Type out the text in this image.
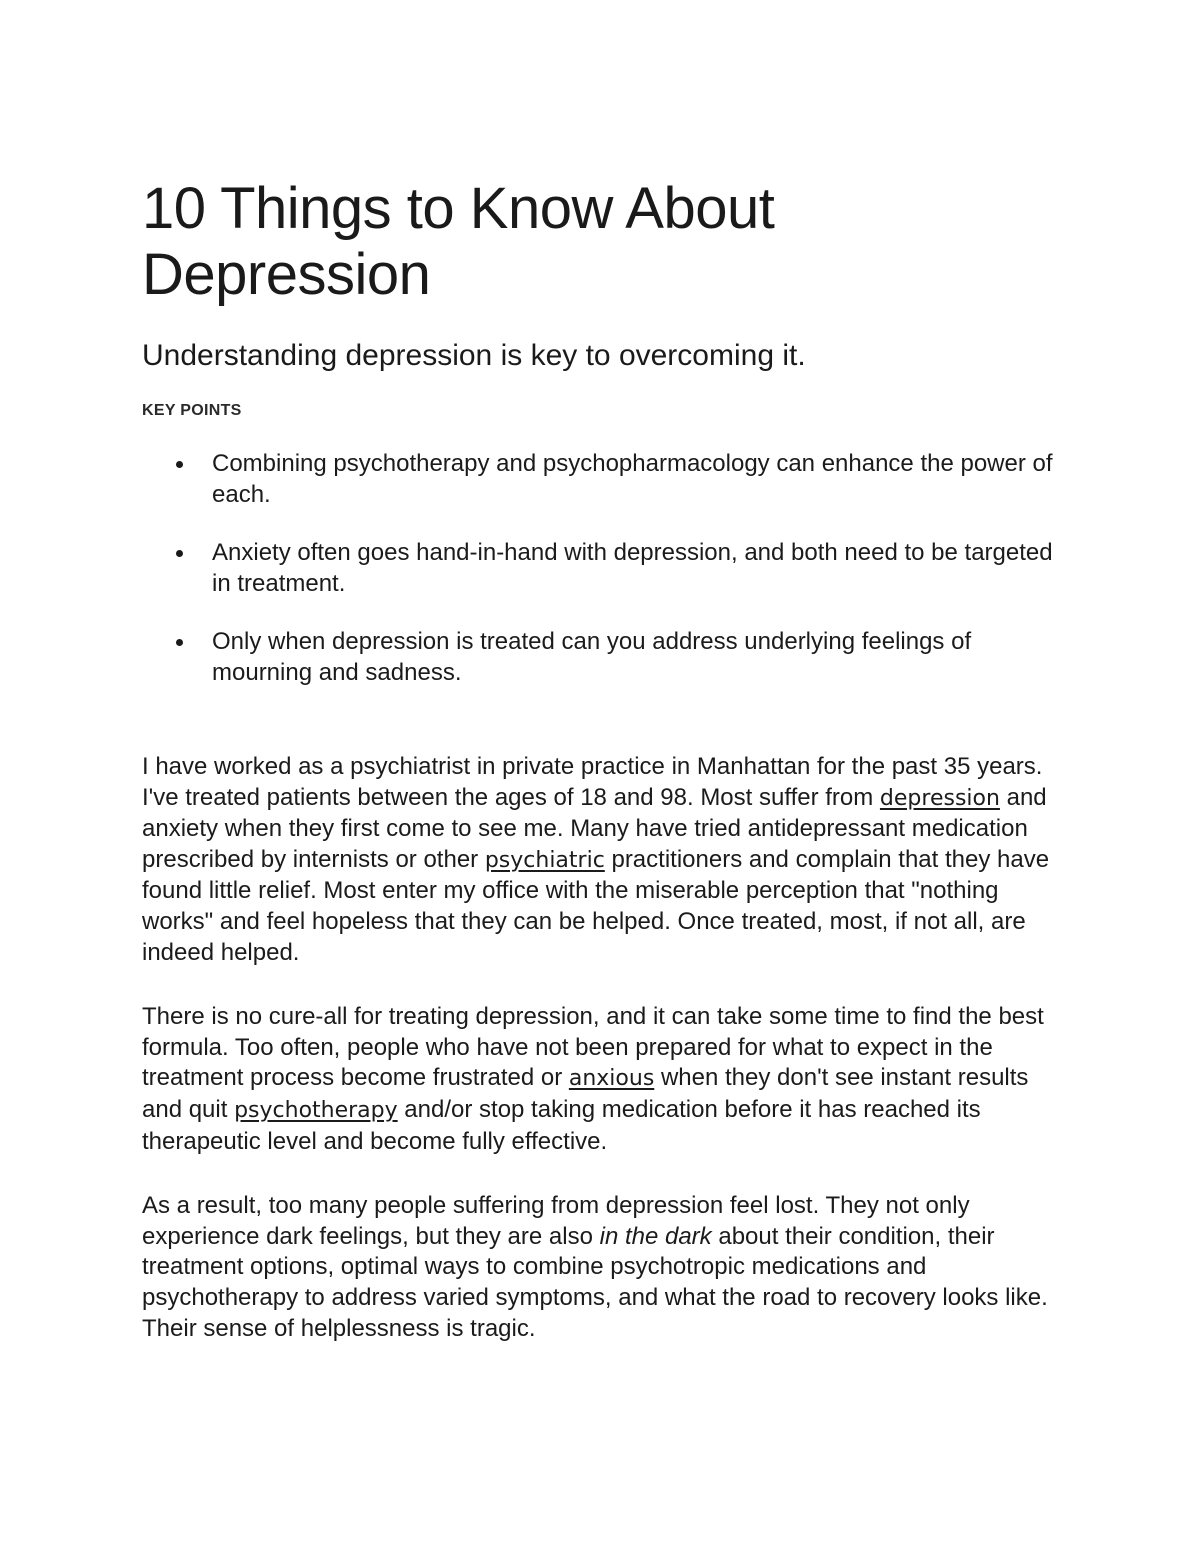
10 Things to Know About Depression

Understanding depression is key to overcoming it.

KEY POINTS
Combining psychotherapy and psychopharmacology can enhance the power of each.
Anxiety often goes hand-in-hand with depression, and both need to be targeted in treatment.
Only when depression is treated can you address underlying feelings of mourning and sadness.

I have worked as a psychiatrist in private practice in Manhattan for the past 35 years. I've treated patients between the ages of 18 and 98. Most suffer from depression and anxiety when they first come to see me. Many have tried antidepressant medication prescribed by internists or other psychiatric practitioners and complain that they have found little relief. Most enter my office with the miserable perception that "nothing works" and feel hopeless that they can be helped. Once treated, most, if not all, are indeed helped.

There is no cure-all for treating depression, and it can take some time to find the best formula. Too often, people who have not been prepared for what to expect in the treatment process become frustrated or anxious when they don't see instant results and quit psychotherapy and/or stop taking medication before it has reached its therapeutic level and become fully effective.

As a result, too many people suffering from depression feel lost. They not only experience dark feelings, but they are also in the dark about their condition, their treatment options, optimal ways to combine psychotropic medications and psychotherapy to address varied symptoms, and what the road to recovery looks like. Their sense of helplessness is tragic.
